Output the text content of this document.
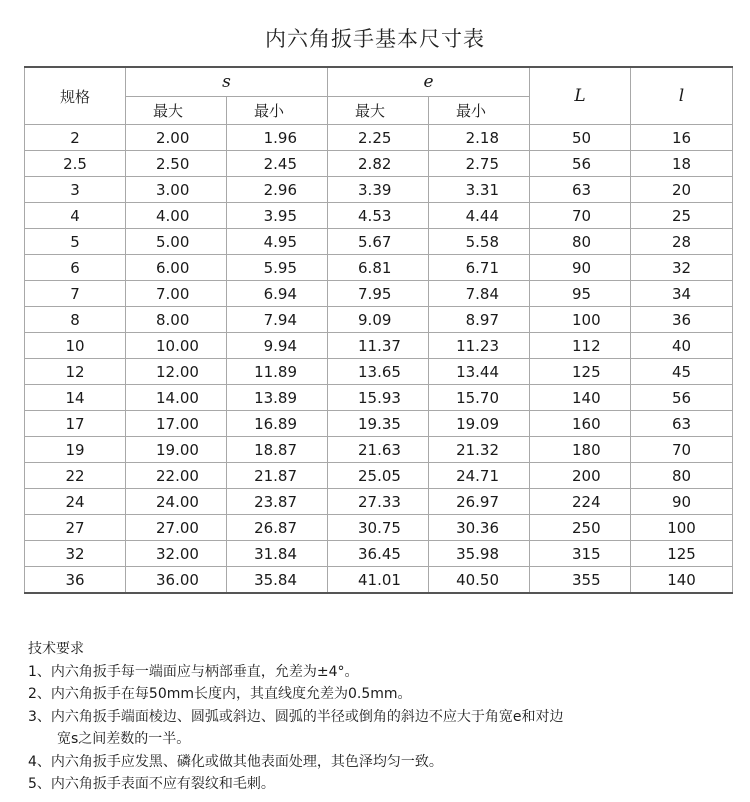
内六角扳手基本尺寸表
规格	s		e		L	l
	最大	最小	最大	最小		
2	2.00	1.96	2.25	2.18	50	16
2.5	2.50	2.45	2.82	2.75	56	18
3	3.00	2.96	3.39	3.31	63	20
4	4.00	3.95	4.53	4.44	70	25
5	5.00	4.95	5.67	5.58	80	28
6	6.00	5.95	6.81	6.71	90	32
7	7.00	6.94	7.95	7.84	95	34
8	8.00	7.94	9.09	8.97	100	36
10	10.00	9.94	11.37	11.23	112	40
12	12.00	11.89	13.65	13.44	125	45
14	14.00	13.89	15.93	15.70	140	56
17	17.00	16.89	19.35	19.09	160	63
19	19.00	18.87	21.63	21.32	180	70
22	22.00	21.87	25.05	24.71	200	80
24	24.00	23.87	27.33	26.97	224	90
27	27.00	26.87	30.75	30.36	250	100
32	32.00	31.84	36.45	35.98	315	125
36	36.00	35.84	41.01	40.50	355	140
技术要求
1、内六角扳手每一端面应与柄部垂直，允差为±4°。
2、内六角扳手在每50mm长度内，其直线度允差为0.5mm。
3、内六角扳手端面棱边、圆弧或斜边、圆弧的半径或倒角的斜边不应大于角宽e和对边
宽s之间差数的一半。
4、内六角扳手应发黑、磷化或做其他表面处理，其色泽均匀一致。
5、内六角扳手表面不应有裂纹和毛刺。
